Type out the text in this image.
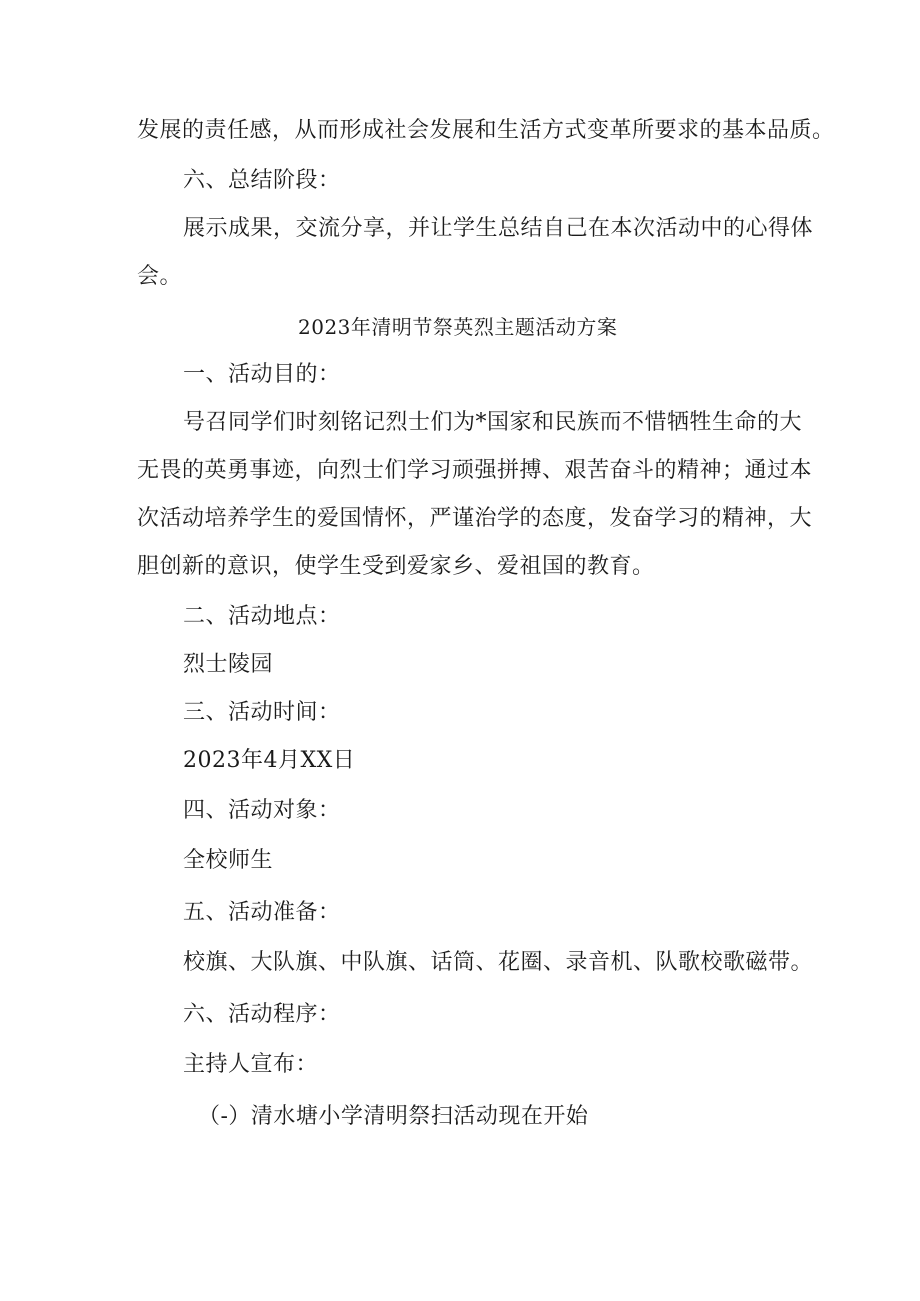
发展的责任感，从而形成社会发展和生活方式变革所要求的基本品质。

六、总结阶段：

展示成果，交流分享，并让学生总结自己在本次活动中的心得体

会。

2023年清明节祭英烈主题活动方案

一、活动目的：

号召同学们时刻铭记烈士们为*国家和民族而不惜牺牲生命的大

无畏的英勇事迹，向烈士们学习顽强拼搏、艰苦奋斗的精神；通过本

次活动培养学生的爱国情怀，严谨治学的态度，发奋学习的精神，大

胆创新的意识，使学生受到爱家乡、爱祖国的教育。

二、活动地点：

烈士陵园

三、活动时间：

2023年4月XX日

四、活动对象：

全校师生

五、活动准备：

校旗、大队旗、中队旗、话筒、花圈、录音机、队歌校歌磁带。

六、活动程序：

主持人宣布：

（-）清水塘小学清明祭扫活动现在开始
